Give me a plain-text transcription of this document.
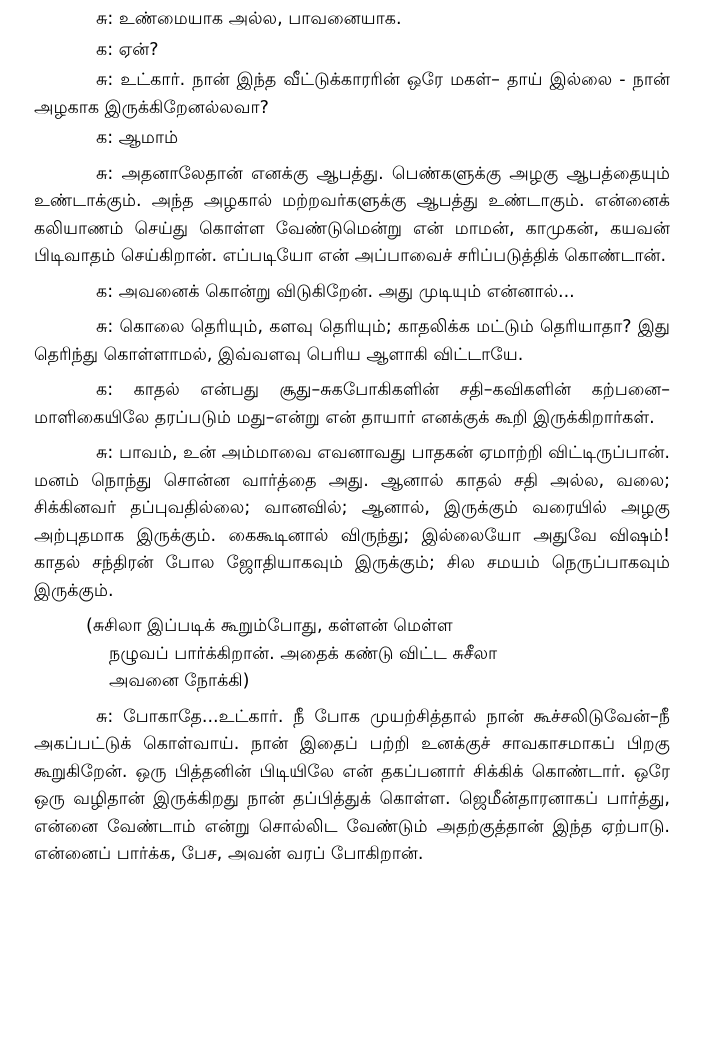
சு: உண்மையாக அல்ல, பாவனையாக.

க: ஏன்?

சு: உட்கார். நான் இந்த வீட்டுக்காரரின் ஒரே மகள்– தாய் இல்லை - நான் அழகாக இருக்கிறேனல்லவா?

க: ஆமாம்

சு: அதனாலேதான் எனக்கு ஆபத்து. பெண்களுக்கு அழகு ஆபத்தையும் உண்டாக்கும். அந்த அழகால் மற்றவர்களுக்கு ஆபத்து உண்டாகும். என்னைக் கலியாணம் செய்து கொள்ள வேண்டுமென்று என் மாமன், காமுகன், கயவன் பிடிவாதம் செய்கிறான். எப்படியோ என் அப்பாவைச் சரிப்படுத்திக் கொண்டான்.

க: அவனைக் கொன்று விடுகிறேன். அது முடியும் என்னால்...

சு: கொலை தெரியும், களவு தெரியும்; காதலிக்க மட்டும் தெரியாதா? இது தெரிந்து கொள்ளாமல், இவ்வளவு பெரிய ஆளாகி விட்டாயே.

க: காதல் என்பது சூது–சுகபோகிகளின் சதி–கவிகளின் கற்பனை–மாளிகையிலே தரப்படும் மது–என்று என் தாயார் எனக்குக் கூறி இருக்கிறார்கள்.

சு: பாவம், உன் அம்மாவை எவனாவது பாதகன் ஏமாற்றி விட்டிருப்பான். மனம் நொந்து சொன்ன வார்த்தை அது. ஆனால் காதல் சதி அல்ல, வலை; சிக்கினவர் தப்புவதில்லை; வானவில்; ஆனால், இருக்கும் வரையில் அழகு அற்புதமாக இருக்கும். கைகூடினால் விருந்து; இல்லையோ அதுவே விஷம்! காதல் சந்திரன் போல ஜோதியாகவும் இருக்கும்; சில சமயம் நெருப்பாகவும் இருக்கும்.

(சுசிலா இப்படிக் கூறும்போது, கள்ளன் மெள்ள
நழுவப் பார்க்கிறான். அதைக் கண்டு விட்ட சுசீலா
அவனை நோக்கி)

சு: போகாதே...உட்கார். நீ போக முயற்சித்தால் நான் கூச்சலிடுவேன்–நீ அகப்பட்டுக் கொள்வாய். நான் இதைப் பற்றி உனக்குச் சாவகாசமாகப் பிறகு கூறுகிறேன். ஒரு பித்தனின் பிடியிலே என் தகப்பனார் சிக்கிக் கொண்டார். ஒரே ஒரு வழிதான் இருக்கிறது நான் தப்பித்துக் கொள்ள. ஜெமீன்தாரனாகப் பார்த்து, என்னை வேண்டாம் என்று சொல்லிட வேண்டும் அதற்குத்தான் இந்த ஏற்பாடு. என்னைப் பார்க்க, பேச, அவன் வரப் போகிறான்.
